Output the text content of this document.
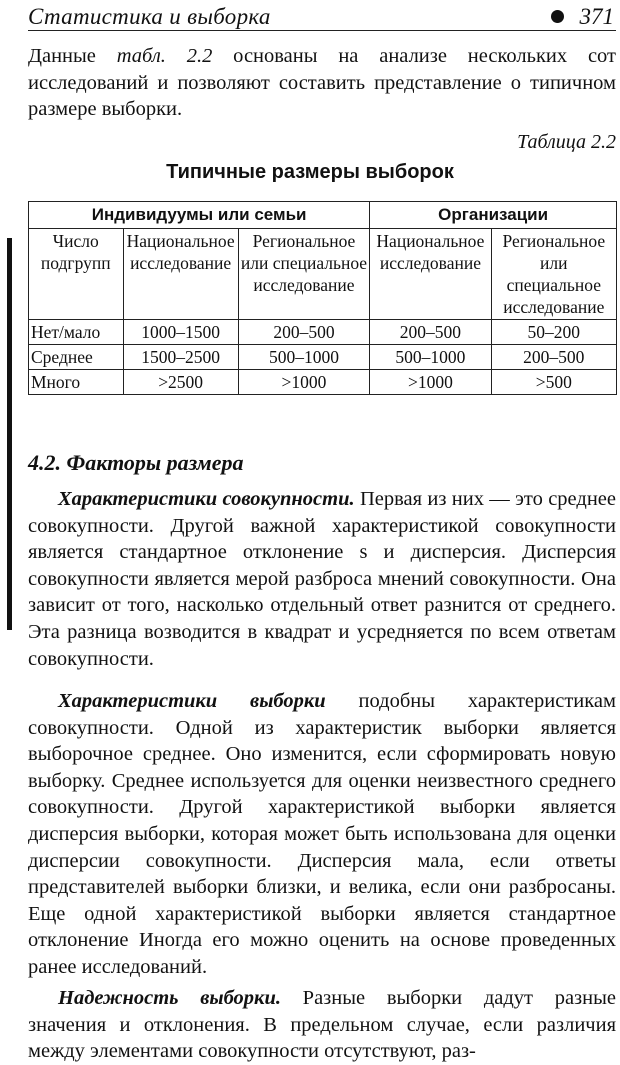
Статистика и выборка	371
Данные табл. 2.2 основаны на анализе нескольких сот исследований и позволяют составить представление о типичном размере выборки.
Таблица 2.2
Типичные размеры выборок
Индивидуумы или семьи			Организации	
Число подгрупп	Национальное исследование	Региональное или специальное исследование	Национальное исследование	Региональное или специальное исследование
Нет/мало	1000–1500	200–500	200–500	50–200
Среднее	1500–2500	500–1000	500–1000	200–500
Много	>2500	>1000	>1000	>500
4.2. Факторы размера
Характеристики совокупности. Первая из них — это среднее совокупности. Другой важной характеристикой совокупности является стандартное отклонение s и дисперсия. Дисперсия совокупности является мерой разброса мнений совокупности. Она зависит от того, насколько отдельный ответ разнится от среднего. Эта разница возводится в квадрат и усредняется по всем ответам совокупности.
Характеристики выборки подобны характеристикам совокупности. Одной из характеристик выборки является выборочное среднее. Оно изменится, если сформировать новую выборку. Среднее используется для оценки неизвестного среднего совокупности. Другой характеристикой выборки является дисперсия выборки, которая может быть использована для оценки дисперсии совокупности. Дисперсия мала, если ответы представителей выборки близки, и велика, если они разбросаны. Еще одной характеристикой выборки является стандартное отклонение Иногда его можно оценить на основе проведенных ранее исследований.
Надежность выборки. Разные выборки дадут разные значения и отклонения. В предельном случае, если различия между элементами совокупности отсутствуют, раз-
